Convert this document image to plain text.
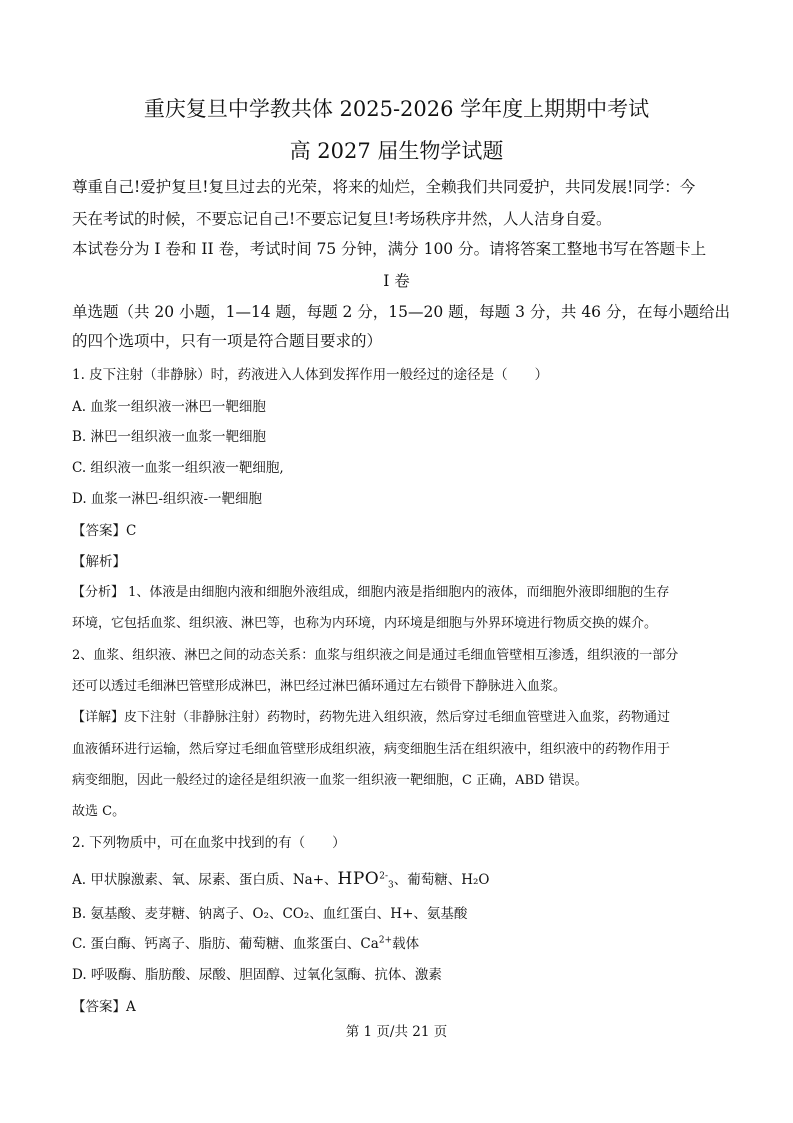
重庆复旦中学教共体 2025-2026 学年度上期期中考试
高 2027 届生物学试题
尊重自己!爱护复旦!复旦过去的光荣，将来的灿烂，全赖我们共同爱护，共同发展!同学：今
天在考试的时候，不要忘记自己!不要忘记复旦!考场秩序井然，人人洁身自爱。
本试卷分为 I 卷和 II 卷，考试时间 75 分钟，满分 100 分。请将答案工整地书写在答题卡上
I 卷
单选题（共 20 小题，1—14 题，每题 2 分，15—20 题，每题 3 分，共 46 分，在每小题给出
的四个选项中，只有一项是符合题目要求的）
1. 皮下注射（非静脉）时，药液进入人体到发挥作用一般经过的途径是（　　）
A. 血浆一组织液一淋巴一靶细胞
B. 淋巴一组织液一血浆一靶细胞
C. 组织液一血浆一组织液一靶细胞,
D. 血浆一淋巴-组织液-一靶细胞
【答案】C
【解析】
【分析】 1、体液是由细胞内液和细胞外液组成，细胞内液是指细胞内的液体，而细胞外液即细胞的生存
环境，它包括血浆、组织液、淋巴等，也称为内环境，内环境是细胞与外界环境进行物质交换的媒介。
2、血浆、组织液、淋巴之间的动态关系：血浆与组织液之间是通过毛细血管壁相互渗透，组织液的一部分
还可以透过毛细淋巴管壁形成淋巴，淋巴经过淋巴循环通过左右锁骨下静脉进入血浆。
【详解】皮下注射（非静脉注射）药物时，药物先进入组织液，然后穿过毛细血管壁进入血浆，药物通过
血液循环进行运输，然后穿过毛细血管壁形成组织液，病变细胞生活在组织液中，组织液中的药物作用于
病变细胞，因此一般经过的途径是组织液一血浆一组织液一靶细胞，C 正确，ABD 错误。
故选 C。
2. 下列物质中，可在血浆中找到的有（　　）
A. 甲状腺激素、氧、尿素、蛋白质、Na+、$HPO^{2-}_3$、葡萄糖、H₂O
B. 氨基酸、麦芽糖、钠离子、O₂、CO₂、血红蛋白、H+、氨基酸
C. 蛋白酶、钙离子、脂肪、葡萄糖、血浆蛋白、$Ca^{2+}$载体
D. 呼吸酶、脂肪酸、尿酸、胆固醇、过氧化氢酶、抗体、激素
【答案】A
第 1 页/共 21 页
